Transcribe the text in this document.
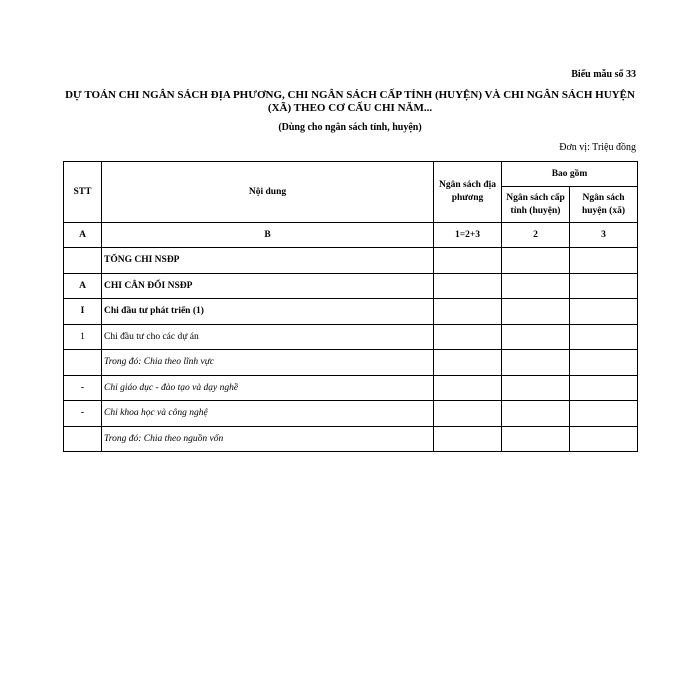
Biểu mẫu số 33
DỰ TOÁN CHI NGÂN SÁCH ĐỊA PHƯƠNG, CHI NGÂN SÁCH CẤP TỈNH (HUYỆN) VÀ CHI NGÂN SÁCH HUYỆN (XÃ) THEO CƠ CẤU CHI NĂM...
(Dùng cho ngân sách tỉnh, huyện)
Đơn vị: Triệu đồng
STT	Nội dung	Ngân sách địa phương	Bao gồm	
			Ngân sách cấp tỉnh (huyện)	Ngân sách huyện (xã)
A	B	1=2+3	2	3
	TỔNG CHI NSĐP			
A	CHI CÂN ĐỐI NSĐP			
I	Chi đầu tư phát triển (1)			
1	Chi đầu tư cho các dự án			
	Trong đó: Chia theo lĩnh vực			
-	Chi giáo dục - đào tạo và dạy nghề			
-	Chi khoa học và công nghệ			
	Trong đó: Chia theo nguồn vốn			
